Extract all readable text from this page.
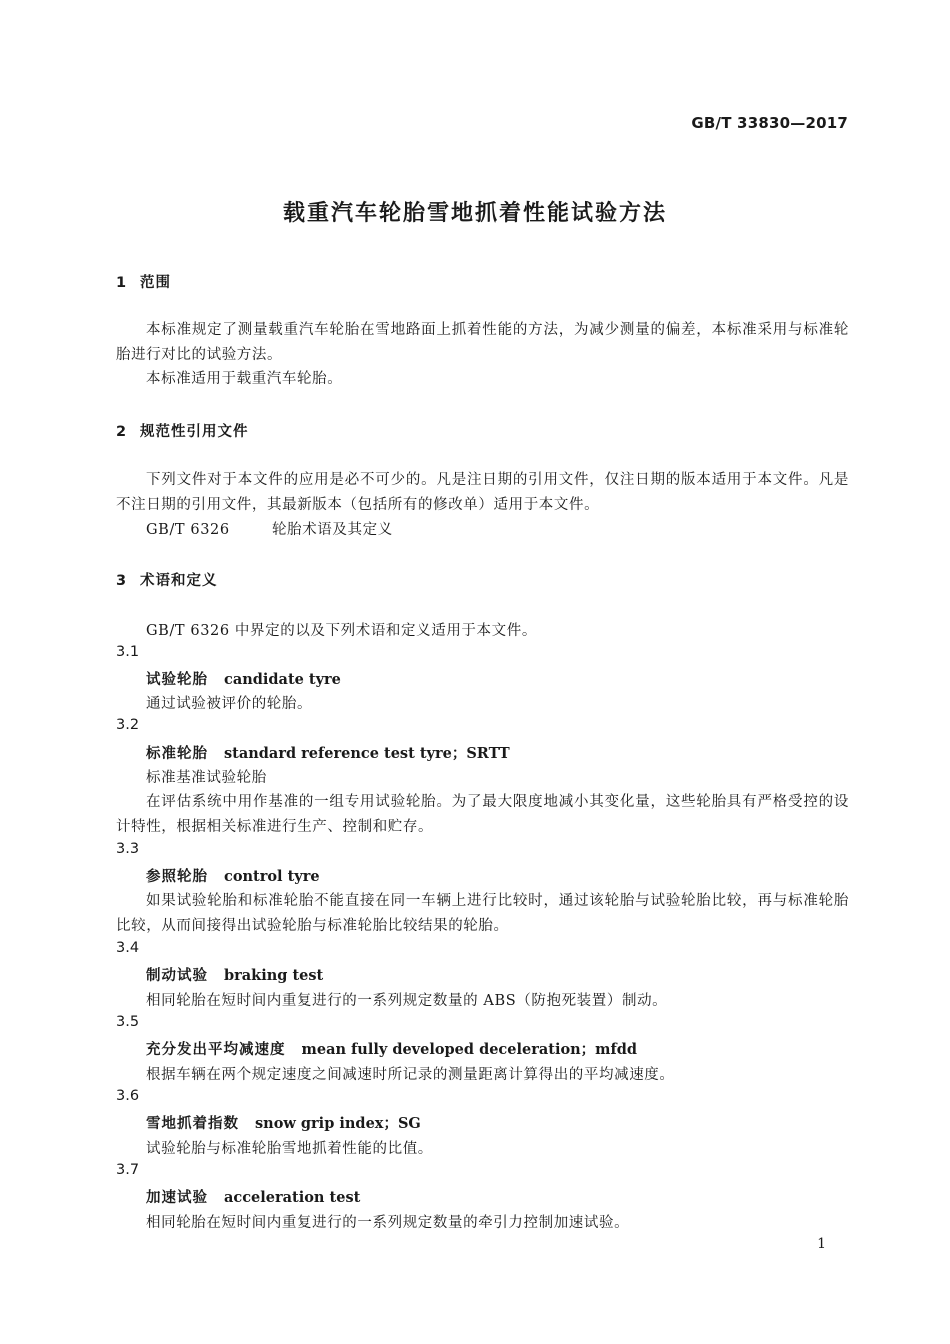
GB/T 33830—2017
载重汽车轮胎雪地抓着性能试验方法
1 范围
本标准规定了测量载重汽车轮胎在雪地路面上抓着性能的方法，为减少测量的偏差，本标准采用与标准轮胎进行对比的试验方法。
本标准适用于载重汽车轮胎。
2 规范性引用文件
下列文件对于本文件的应用是必不可少的。凡是注日期的引用文件，仅注日期的版本适用于本文件。凡是不注日期的引用文件，其最新版本（包括所有的修改单）适用于本文件。
GB/T 6326	轮胎术语及其定义
3 术语和定义
GB/T 6326 中界定的以及下列术语和定义适用于本文件。
3.1
试验轮胎 candidate tyre
通过试验被评价的轮胎。
3.2
标准轮胎 standard reference test tyre；SRTT
标准基准试验轮胎
在评估系统中用作基准的一组专用试验轮胎。为了最大限度地减小其变化量，这些轮胎具有严格受控的设计特性，根据相关标准进行生产、控制和贮存。
3.3
参照轮胎 control tyre
如果试验轮胎和标准轮胎不能直接在同一车辆上进行比较时，通过该轮胎与试验轮胎比较，再与标准轮胎比较，从而间接得出试验轮胎与标准轮胎比较结果的轮胎。
3.4
制动试验 braking test
相同轮胎在短时间内重复进行的一系列规定数量的 ABS（防抱死装置）制动。
3.5
充分发出平均减速度 mean fully developed deceleration；mfdd
根据车辆在两个规定速度之间减速时所记录的测量距离计算得出的平均减速度。
3.6
雪地抓着指数 snow grip index；SG
试验轮胎与标准轮胎雪地抓着性能的比值。
3.7
加速试验 acceleration test
相同轮胎在短时间内重复进行的一系列规定数量的牵引力控制加速试验。
1
